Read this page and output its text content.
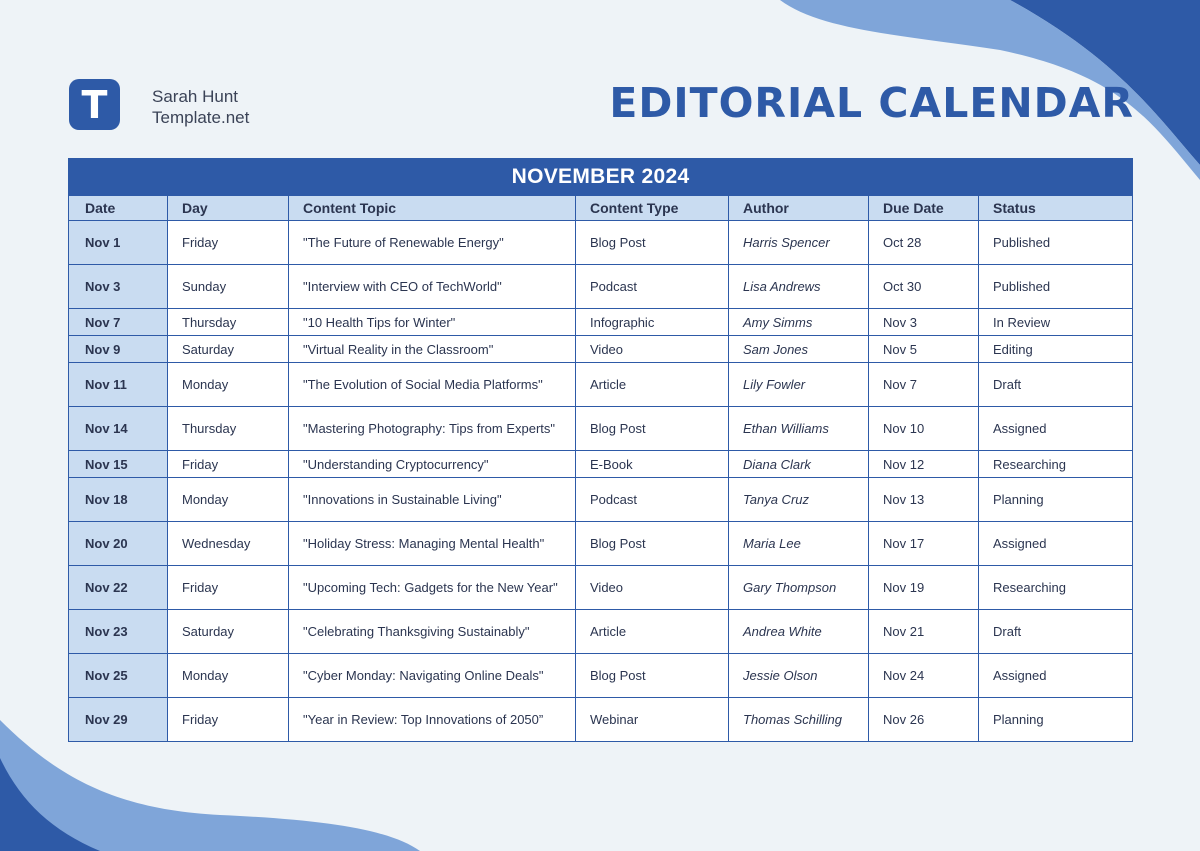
T	Sarah Hunt
Template.net	EDITORIAL CALENDAR
NOVEMBER 2024						
Date	Day	Content Topic	Content Type	Author	Due Date	Status
Nov 1	Friday	"The Future of Renewable Energy"	Blog Post	Harris Spencer	Oct 28	Published
Nov 3	Sunday	"Interview with CEO of TechWorld"	Podcast	Lisa Andrews	Oct 30	Published
Nov 7	Thursday	"10 Health Tips for Winter"	Infographic	Amy Simms	Nov 3	In Review
Nov 9	Saturday	"Virtual Reality in the Classroom"	Video	Sam Jones	Nov 5	Editing
Nov 11	Monday	"The Evolution of Social Media Platforms"	Article	Lily Fowler	Nov 7	Draft
Nov 14	Thursday	"Mastering Photography: Tips from Experts"	Blog Post	Ethan Williams	Nov 10	Assigned
Nov 15	Friday	"Understanding Cryptocurrency"	E-Book	Diana Clark	Nov 12	Researching
Nov 18	Monday	"Innovations in Sustainable Living"	Podcast	Tanya Cruz	Nov 13	Planning
Nov 20	Wednesday	"Holiday Stress: Managing Mental Health"	Blog Post	Maria Lee	Nov 17	Assigned
Nov 22	Friday	"Upcoming Tech: Gadgets for the New Year"	Video	Gary Thompson	Nov 19	Researching
Nov 23	Saturday	"Celebrating Thanksgiving Sustainably"	Article	Andrea White	Nov 21	Draft
Nov 25	Monday	"Cyber Monday: Navigating Online Deals"	Blog Post	Jessie Olson	Nov 24	Assigned
Nov 29	Friday	"Year in Review: Top Innovations of 2050”	Webinar	Thomas Schilling	Nov 26	Planning
